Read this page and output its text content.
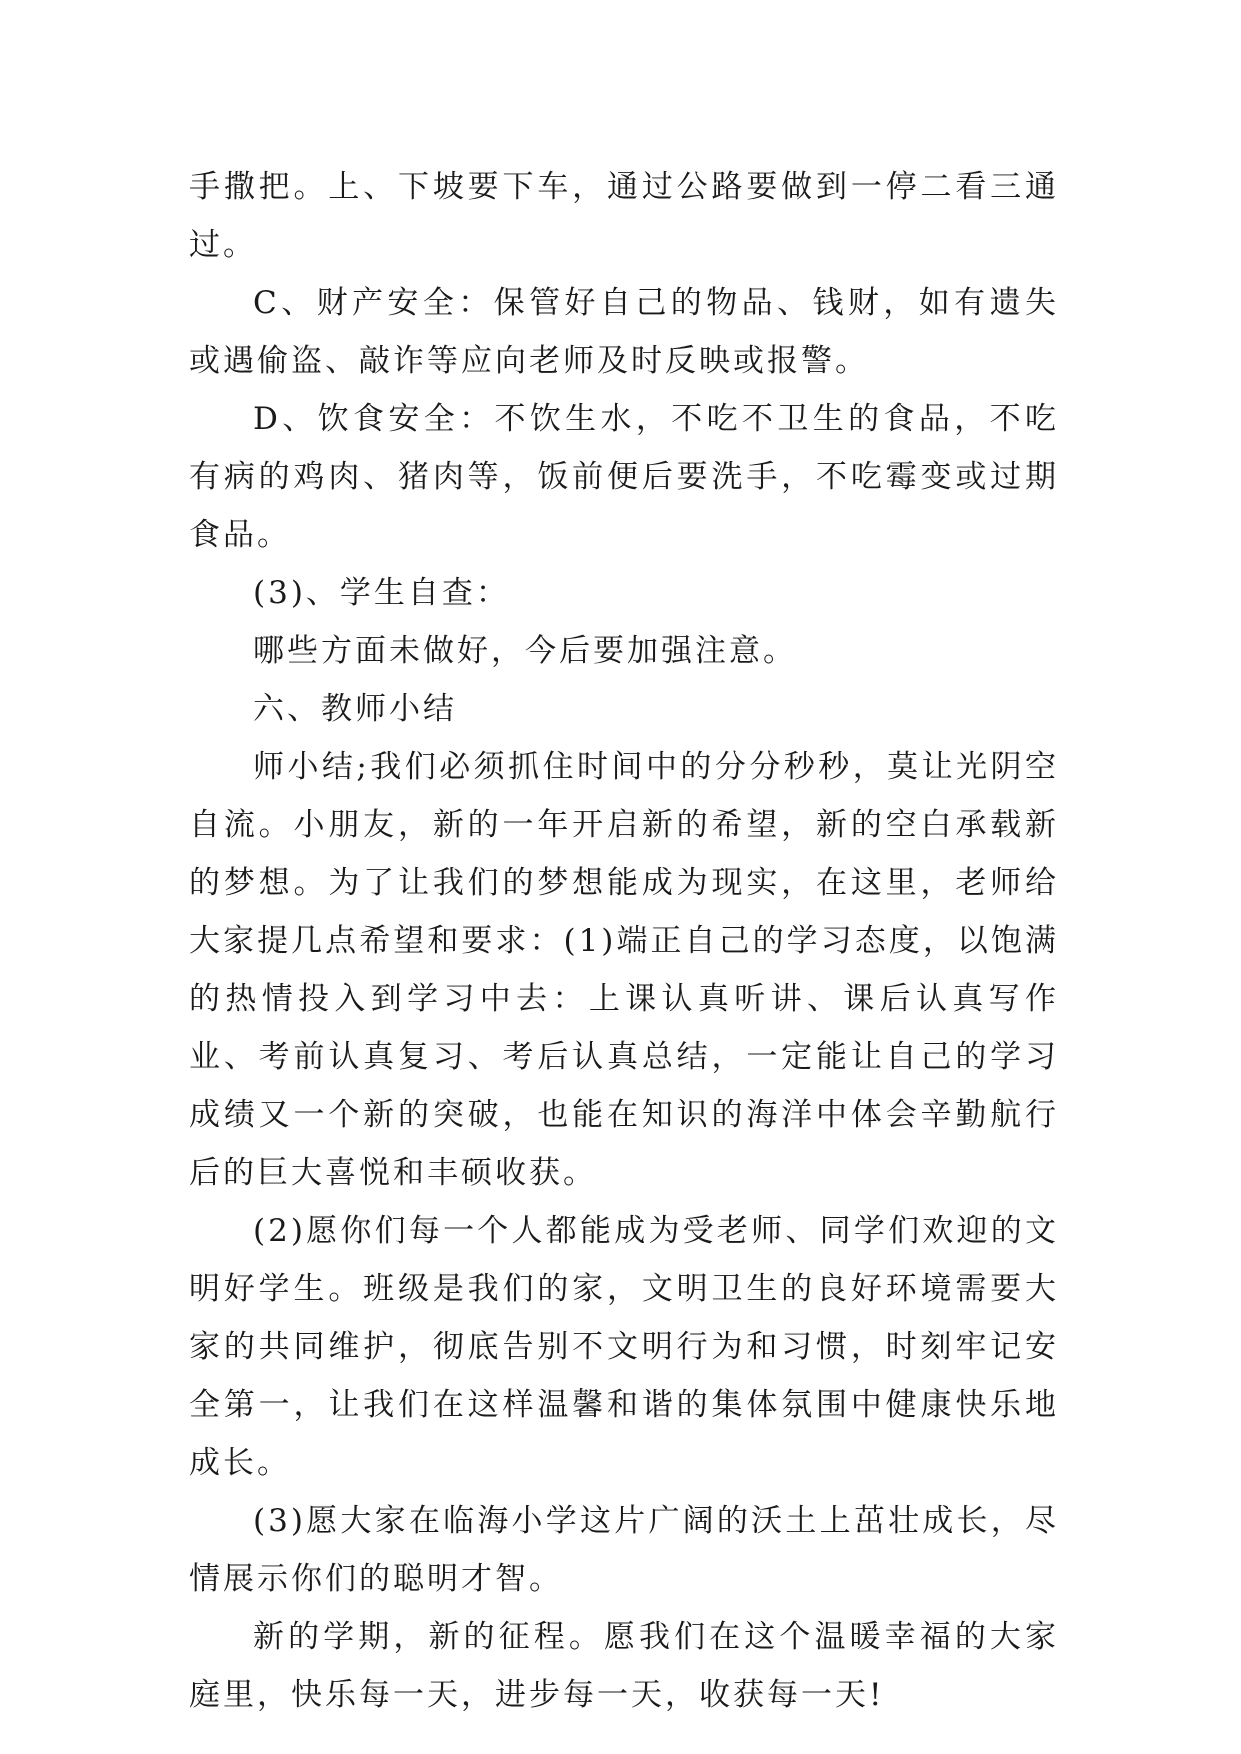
手撒把。上、下坡要下车，通过公路要做到一停二看三通过。

C、财产安全：保管好自己的物品、钱财，如有遗失或遇偷盗、敲诈等应向老师及时反映或报警。

D、饮食安全：不饮生水，不吃不卫生的食品，不吃有病的鸡肉、猪肉等，饭前便后要洗手，不吃霉变或过期食品。

(3)、学生自查：

哪些方面未做好，今后要加强注意。

六、教师小结

师小结;我们必须抓住时间中的分分秒秒，莫让光阴空自流。小朋友，新的一年开启新的希望，新的空白承载新的梦想。为了让我们的梦想能成为现实，在这里，老师给大家提几点希望和要求：(1)端正自己的学习态度，以饱满的热情投入到学习中去：上课认真听讲、课后认真写作业、考前认真复习、考后认真总结，一定能让自己的学习成绩又一个新的突破，也能在知识的海洋中体会辛勤航行后的巨大喜悦和丰硕收获。

(2)愿你们每一个人都能成为受老师、同学们欢迎的文明好学生。班级是我们的家，文明卫生的良好环境需要大家的共同维护，彻底告别不文明行为和习惯，时刻牢记安全第一，让我们在这样温馨和谐的集体氛围中健康快乐地成长。

(3)愿大家在临海小学这片广阔的沃土上茁壮成长，尽情展示你们的聪明才智。

新的学期，新的征程。愿我们在这个温暖幸福的大家庭里，快乐每一天，进步每一天，收获每一天!
